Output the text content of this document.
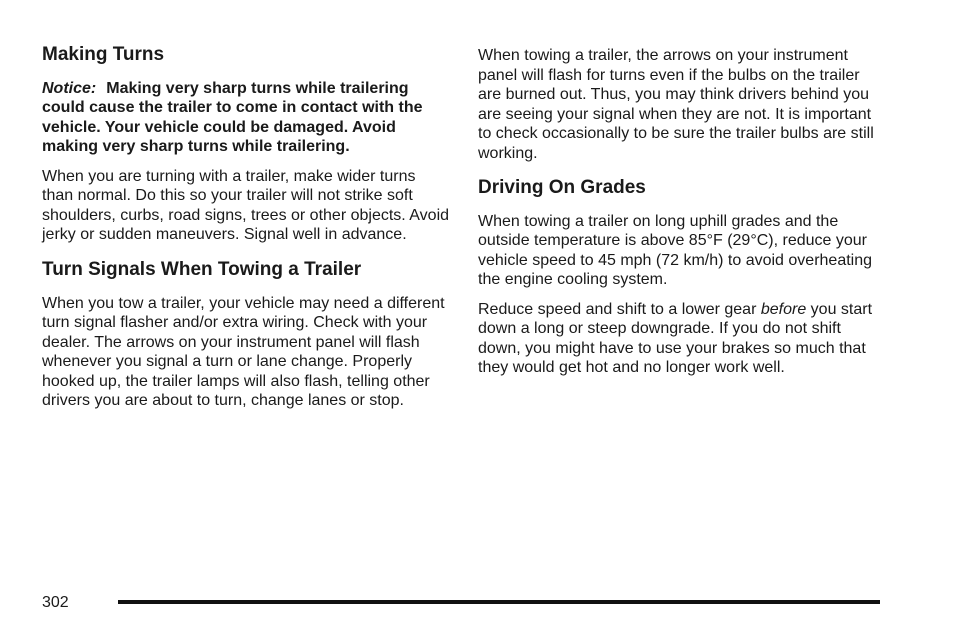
Making Turns

Notice: Making very sharp turns while trailering could cause the trailer to come in contact with the vehicle. Your vehicle could be damaged. Avoid making very sharp turns while trailering.

When you are turning with a trailer, make wider turns than normal. Do this so your trailer will not strike soft shoulders, curbs, road signs, trees or other objects. Avoid jerky or sudden maneuvers. Signal well in advance.

Turn Signals When Towing a Trailer

When you tow a trailer, your vehicle may need a different turn signal flasher and/or extra wiring. Check with your dealer. The arrows on your instrument panel will flash whenever you signal a turn or lane change. Properly hooked up, the trailer lamps will also flash, telling other drivers you are about to turn, change lanes or stop.

When towing a trailer, the arrows on your instrument panel will flash for turns even if the bulbs on the trailer are burned out. Thus, you may think drivers behind you are seeing your signal when they are not. It is important to check occasionally to be sure the trailer bulbs are still working.

Driving On Grades

When towing a trailer on long uphill grades and the outside temperature is above 85°F (29°C), reduce your vehicle speed to 45 mph (72 km/h) to avoid overheating the engine cooling system.

Reduce speed and shift to a lower gear before you start down a long or steep downgrade. If you do not shift down, you might have to use your brakes so much that they would get hot and no longer work well.

302
